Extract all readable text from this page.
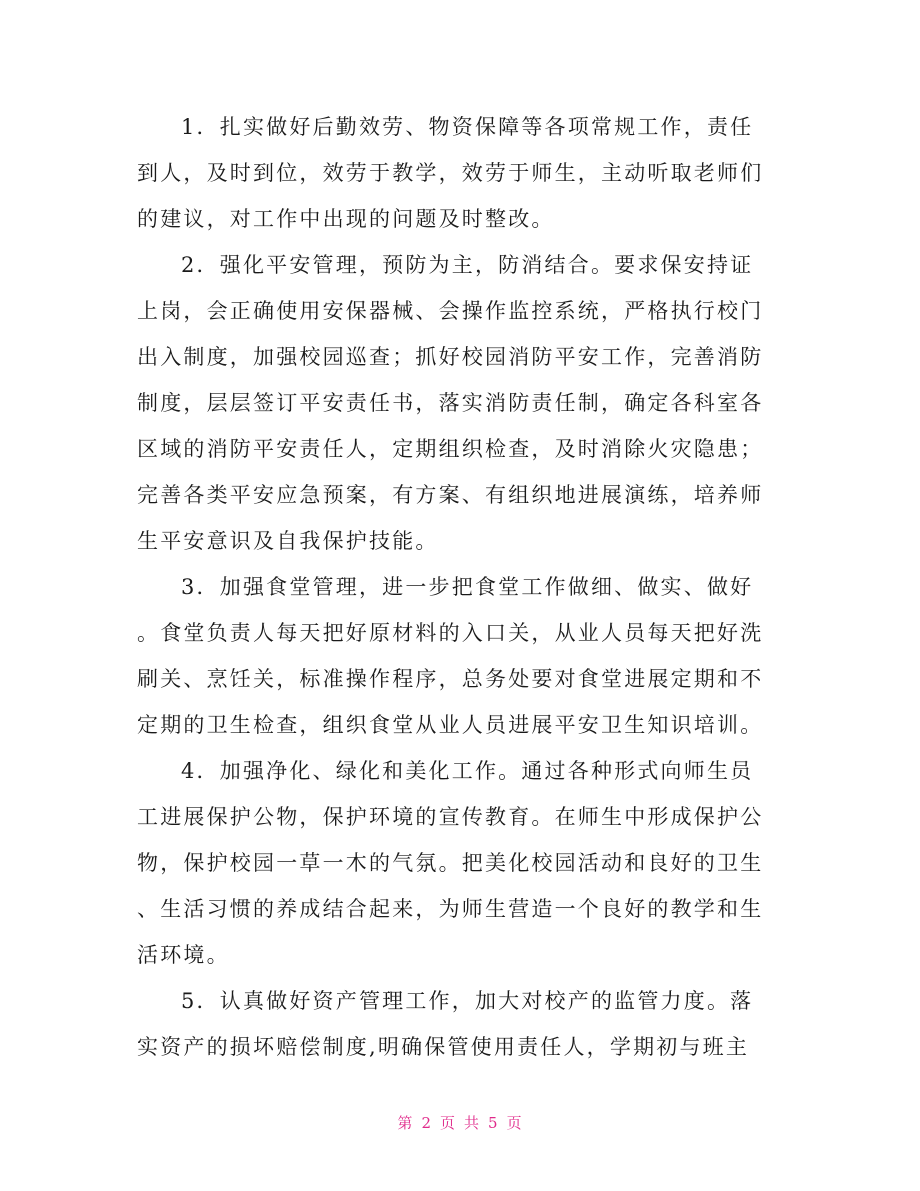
1．扎实做好后勤效劳、物资保障等各项常规工作，责任
到人，及时到位，效劳于教学，效劳于师生，主动听取老师们
的建议，对工作中出现的问题及时整改。

2．强化平安管理，预防为主，防消结合。要求保安持证
上岗，会正确使用安保器械、会操作监控系统，严格执行校门
出入制度，加强校园巡查；抓好校园消防平安工作，完善消防
制度，层层签订平安责任书，落实消防责任制，确定各科室各
区域的消防平安责任人，定期组织检查，及时消除火灾隐患；
完善各类平安应急预案，有方案、有组织地进展演练，培养师
生平安意识及自我保护技能。

3．加强食堂管理，进一步把食堂工作做细、做实、做好
。食堂负责人每天把好原材料的入口关，从业人员每天把好洗
刷关、烹饪关，标准操作程序，总务处要对食堂进展定期和不
定期的卫生检查，组织食堂从业人员进展平安卫生知识培训。

4．加强净化、绿化和美化工作。通过各种形式向师生员
工进展保护公物，保护环境的宣传教育。在师生中形成保护公
物，保护校园一草一木的气氛。把美化校园活动和良好的卫生
、生活习惯的养成结合起来，为师生营造一个良好的教学和生
活环境。

5．认真做好资产管理工作，加大对校产的监管力度。落
实资产的损坏赔偿制度,明确保管使用责任人，学期初与班主

第 2 页 共 5 页
